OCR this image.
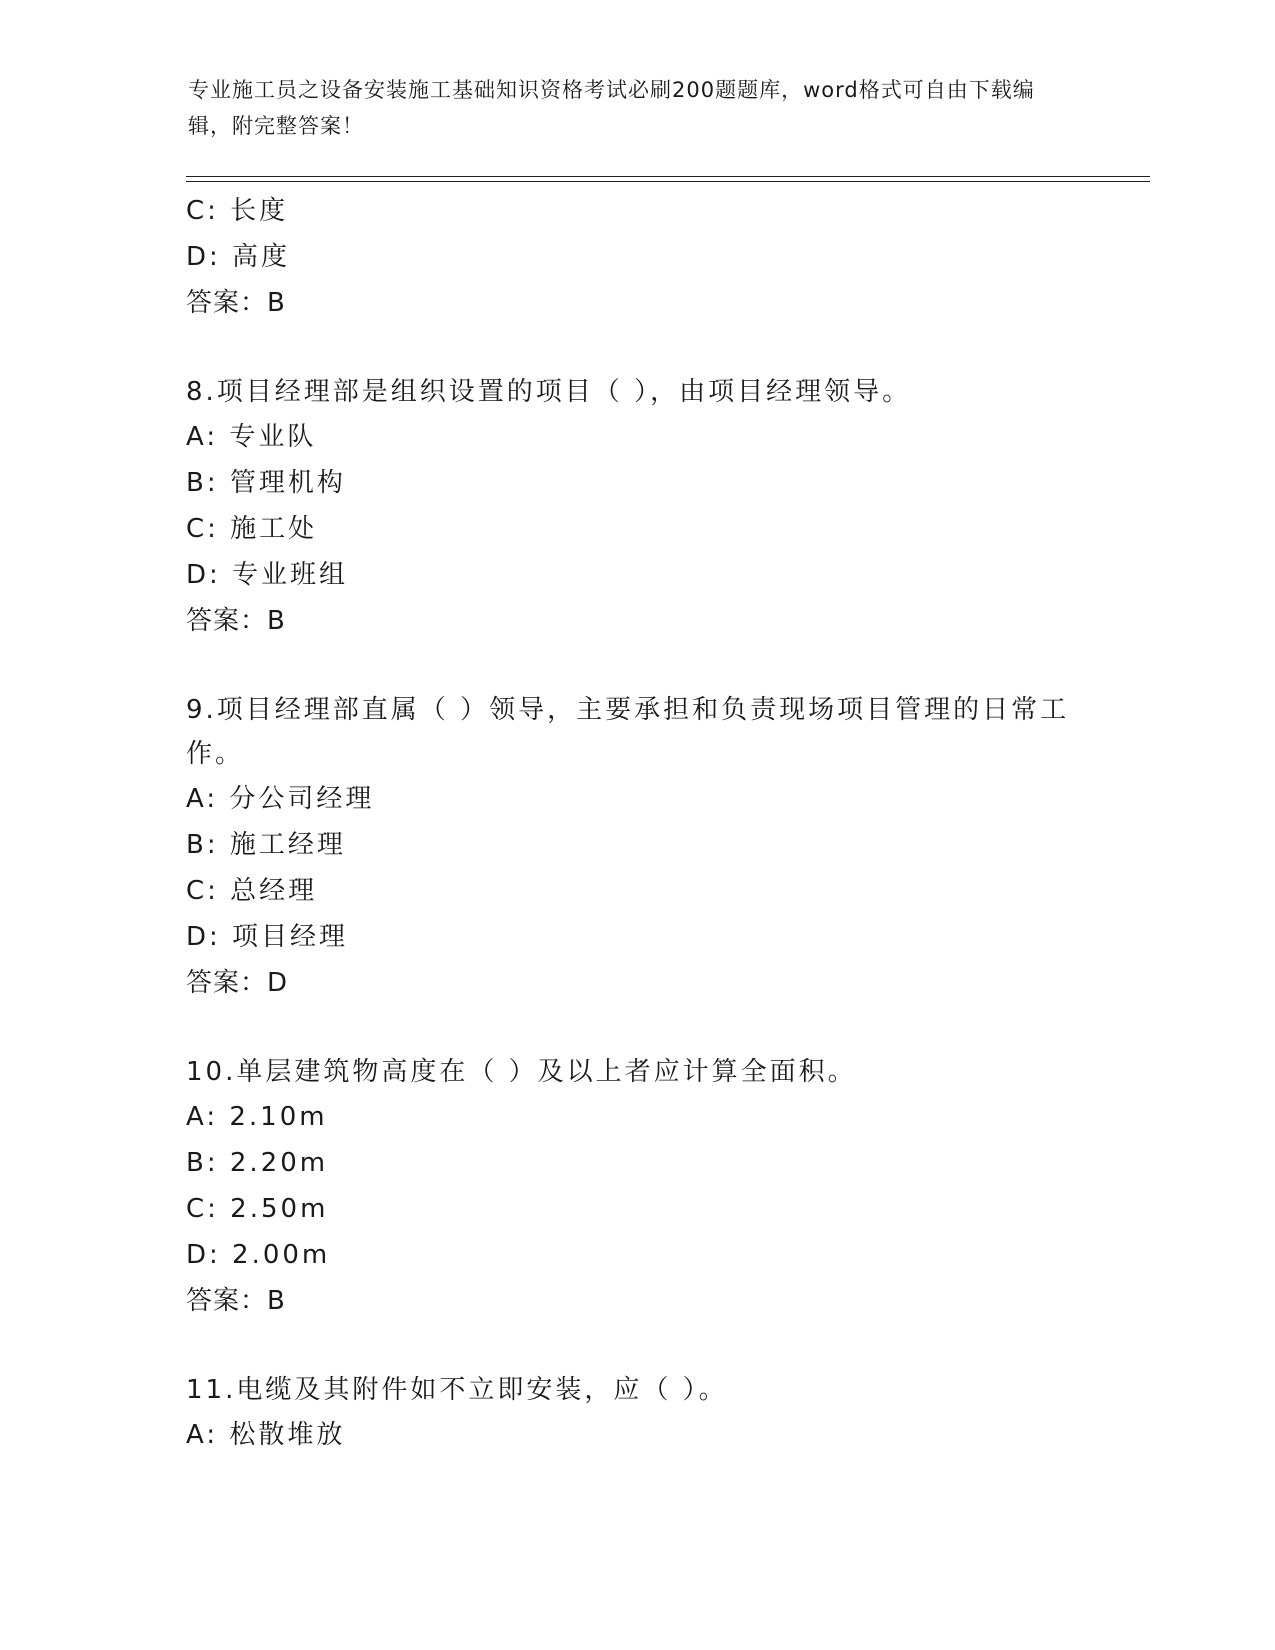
专业施工员之设备安装施工基础知识资格考试必刷200题题库，word格式可自由下载编辑，附完整答案！
C: 长度
D: 高度
答案：B
8.项目经理部是组织设置的项目（ ），由项目经理领导。
A: 专业队
B: 管理机构
C: 施工处
D: 专业班组
答案：B
9.项目经理部直属（ ）领导，主要承担和负责现场项目管理的日常工作。
A: 分公司经理
B: 施工经理
C: 总经理
D: 项目经理
答案：D
10.单层建筑物高度在（ ）及以上者应计算全面积。
A: 2.10m
B: 2.20m
C: 2.50m
D: 2.00m
答案：B
11.电缆及其附件如不立即安装，应（ ）。
A: 松散堆放
